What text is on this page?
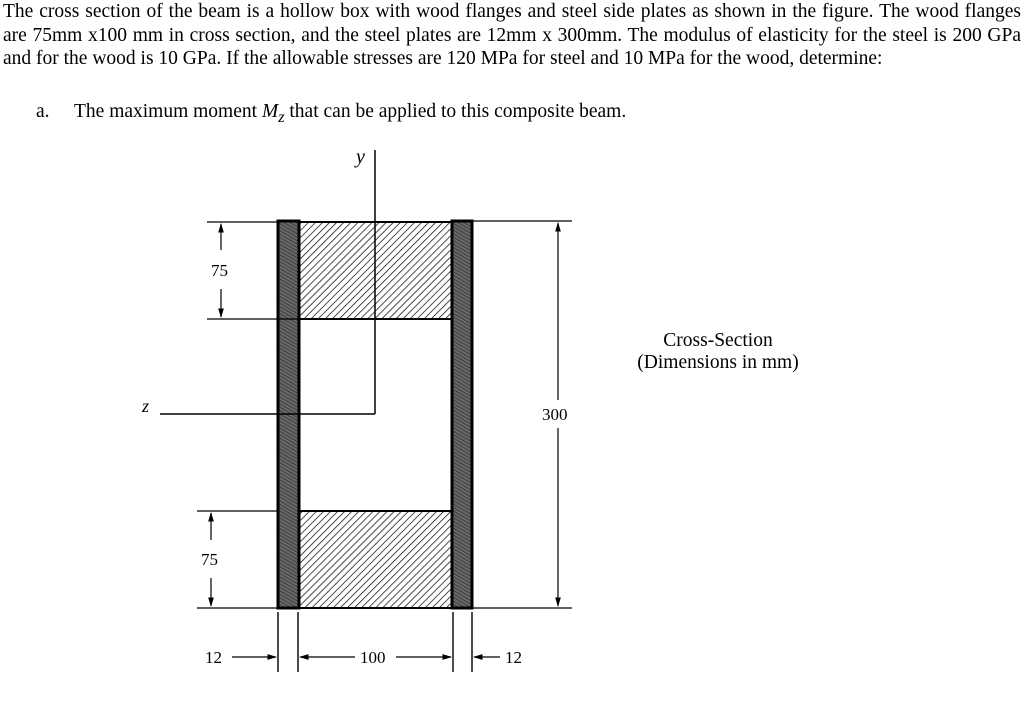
The cross section of the beam is a hollow box with wood flanges and steel side plates as shown in the figure. The wood flanges are 75mm x100 mm in cross section, and the steel plates are 12mm x 300mm. The modulus of elasticity for the steel is 200 GPa and for the wood is 10 GPa. If the allowable stresses are 120 MPa for steel and 10 MPa for the wood, determine:

a. The maximum moment $M_z$ that can be applied to this composite beam.
y
z
75
75
300
12	100	12
Cross-Section
(Dimensions in mm)
